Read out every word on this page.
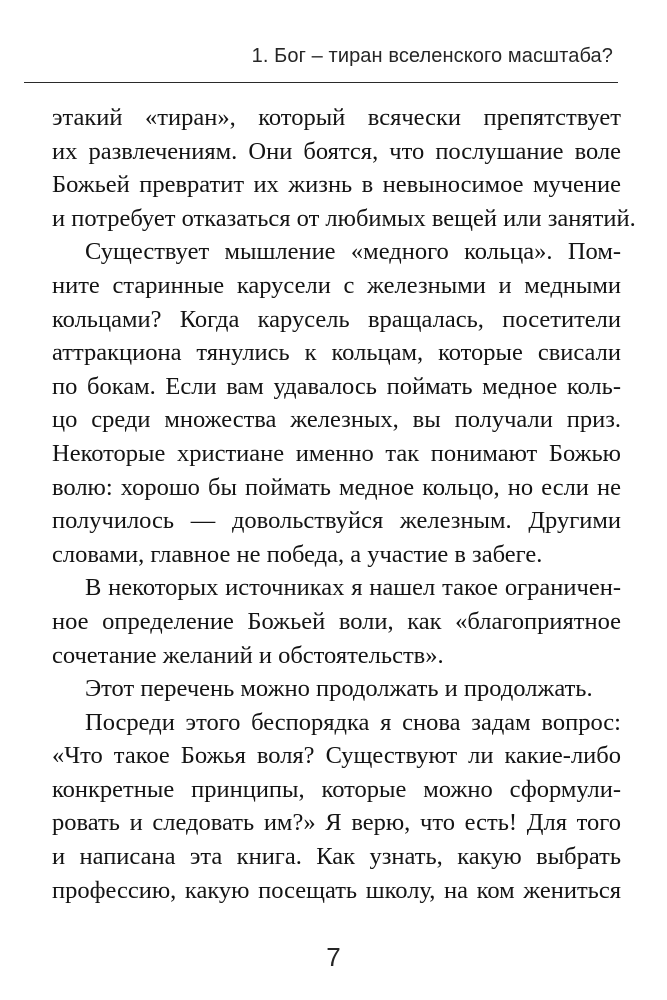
1. Бог – тиран вселенского масштаба?
этакий «тиран», который всячески препятствует
их развлечениям. Они боятся, что послушание воле
Божьей превратит их жизнь в невыносимое мучение
и потребует отказаться от любимых вещей или занятий.
Существует мышление «медного кольца». Пом-
ните старинные карусели с железными и медными
кольцами? Когда карусель вращалась, посетители
аттракциона тянулись к кольцам, которые свисали
по бокам. Если вам удавалось поймать медное коль-
цо среди множества железных, вы получали приз.
Некоторые христиане именно так понимают Божью
волю: хорошо бы поймать медное кольцо, но если не
получилось — довольствуйся железным. Другими
словами, главное не победа, а участие в забеге.
В некоторых источниках я нашел такое ограничен-
ное определение Божьей воли, как «благоприятное
сочетание желаний и обстоятельств».
Этот перечень можно продолжать и продолжать.
Посреди этого беспорядка я снова задам вопрос:
«Что такое Божья воля? Существуют ли какие-либо
конкретные принципы, которые можно сформули-
ровать и следовать им?» Я верю, что есть! Для того
и написана эта книга. Как узнать, какую выбрать
профессию, какую посещать школу, на ком жениться
7
